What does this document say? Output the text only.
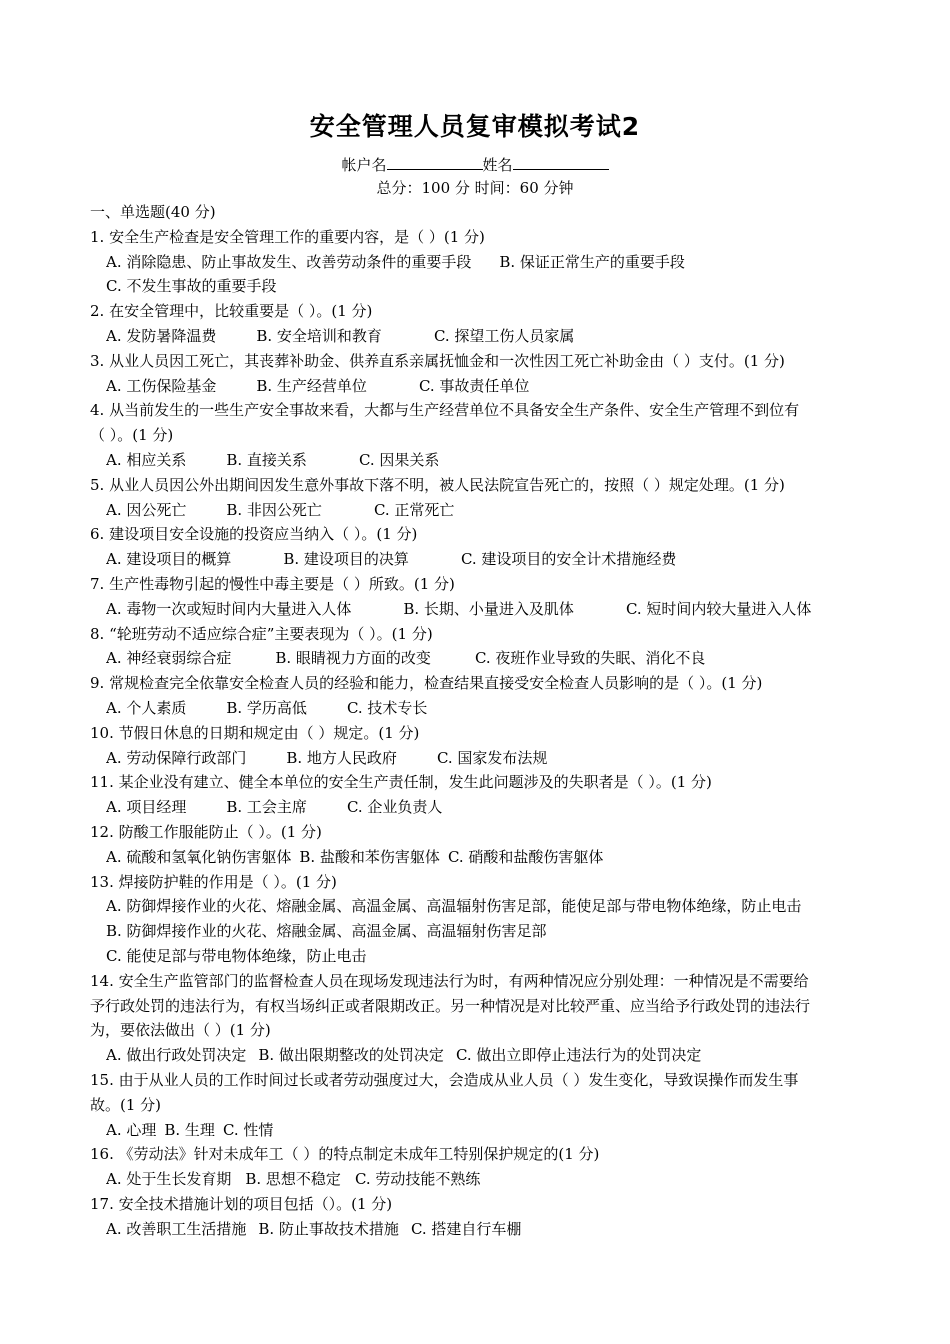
安全管理人员复审模拟考试2
帐户名	姓名
总分：100 分 时间：60 分钟
一、单选题(40 分)
1. 安全生产检查是安全管理工作的重要内容，是（ ）(1 分)
A. 消除隐患、防止事故发生、改善劳动条件的重要手段 B. 保证正常生产的重要手段
C. 不发生事故的重要手段
2. 在安全管理中，比较重要是（ ）。(1 分)
A. 发防暑降温费	B. 安全培训和教育	C. 探望工伤人员家属
3. 从业人员因工死亡，其丧葬补助金、供养直系亲属抚恤金和一次性因工死亡补助金由（ ）支付。(1 分)
A. 工伤保险基金	B. 生产经营单位	C. 事故责任单位
4. 从当前发生的一些生产安全事故来看，大都与生产经营单位不具备安全生产条件、安全生产管理不到位有
（ ）。(1 分)
A. 相应关系	B. 直接关系	C. 因果关系
5. 从业人员因公外出期间因发生意外事故下落不明，被人民法院宣告死亡的，按照（ ）规定处理。(1 分)
A. 因公死亡	B. 非因公死亡	C. 正常死亡
6. 建设项目安全设施的投资应当纳入（ ）。(1 分)
A. 建设项目的概算	B. 建设项目的决算	C. 建设项目的安全计术措施经费
7. 生产性毒物引起的慢性中毒主要是（ ）所致。(1 分)
A. 毒物一次或短时间内大量进入人体	B. 长期、小量进入及肌体	C. 短时间内较大量进入人体
8. “轮班劳动不适应综合症”主要表现为（ ）。(1 分)
A. 神经衰弱综合症	B. 眼睛视力方面的改变	C. 夜班作业导致的失眠、消化不良
9. 常规检查完全依靠安全检查人员的经验和能力，检查结果直接受安全检查人员影响的是（ ）。(1 分)
A. 个人素质	B. 学历高低	C. 技术专长
10. 节假日休息的日期和规定由（ ）规定。(1 分)
A. 劳动保障行政部门	B. 地方人民政府	C. 国家发布法规
11. 某企业没有建立、健全本单位的安全生产责任制，发生此问题涉及的失职者是（ ）。(1 分)
A. 项目经理	B. 工会主席	C. 企业负责人
12. 防酸工作服能防止（ ）。(1 分)
A. 硫酸和氢氧化钠伤害躯体 B. 盐酸和苯伤害躯体 C. 硝酸和盐酸伤害躯体
13. 焊接防护鞋的作用是（ ）。(1 分)
A. 防御焊接作业的火花、熔融金属、高温金属、高温辐射伤害足部，能使足部与带电物体绝缘，防止电击
B. 防御焊接作业的火花、熔融金属、高温金属、高温辐射伤害足部
C. 能使足部与带电物体绝缘，防止电击
14. 安全生产监管部门的监督检查人员在现场发现违法行为时，有两种情况应分别处理：一种情况是不需要给
予行政处罚的违法行为，有权当场纠正或者限期改正。另一种情况是对比较严重、应当给予行政处罚的违法行
为，要依法做出（ ）(1 分)
A. 做出行政处罚决定 B. 做出限期整改的处罚决定 C. 做出立即停止违法行为的处罚决定
15. 由于从业人员的工作时间过长或者劳动强度过大，会造成从业人员（ ）发生变化，导致误操作而发生事
故。(1 分)
A. 心理 B. 生理 C. 性情
16. 《劳动法》针对未成年工（ ）的特点制定未成年工特别保护规定的(1 分)
A. 处于生长发育期 B. 思想不稳定 C. 劳动技能不熟练
17. 安全技术措施计划的项目包括（）。(1 分)
A. 改善职工生活措施 B. 防止事故技术措施 C. 搭建自行车棚
